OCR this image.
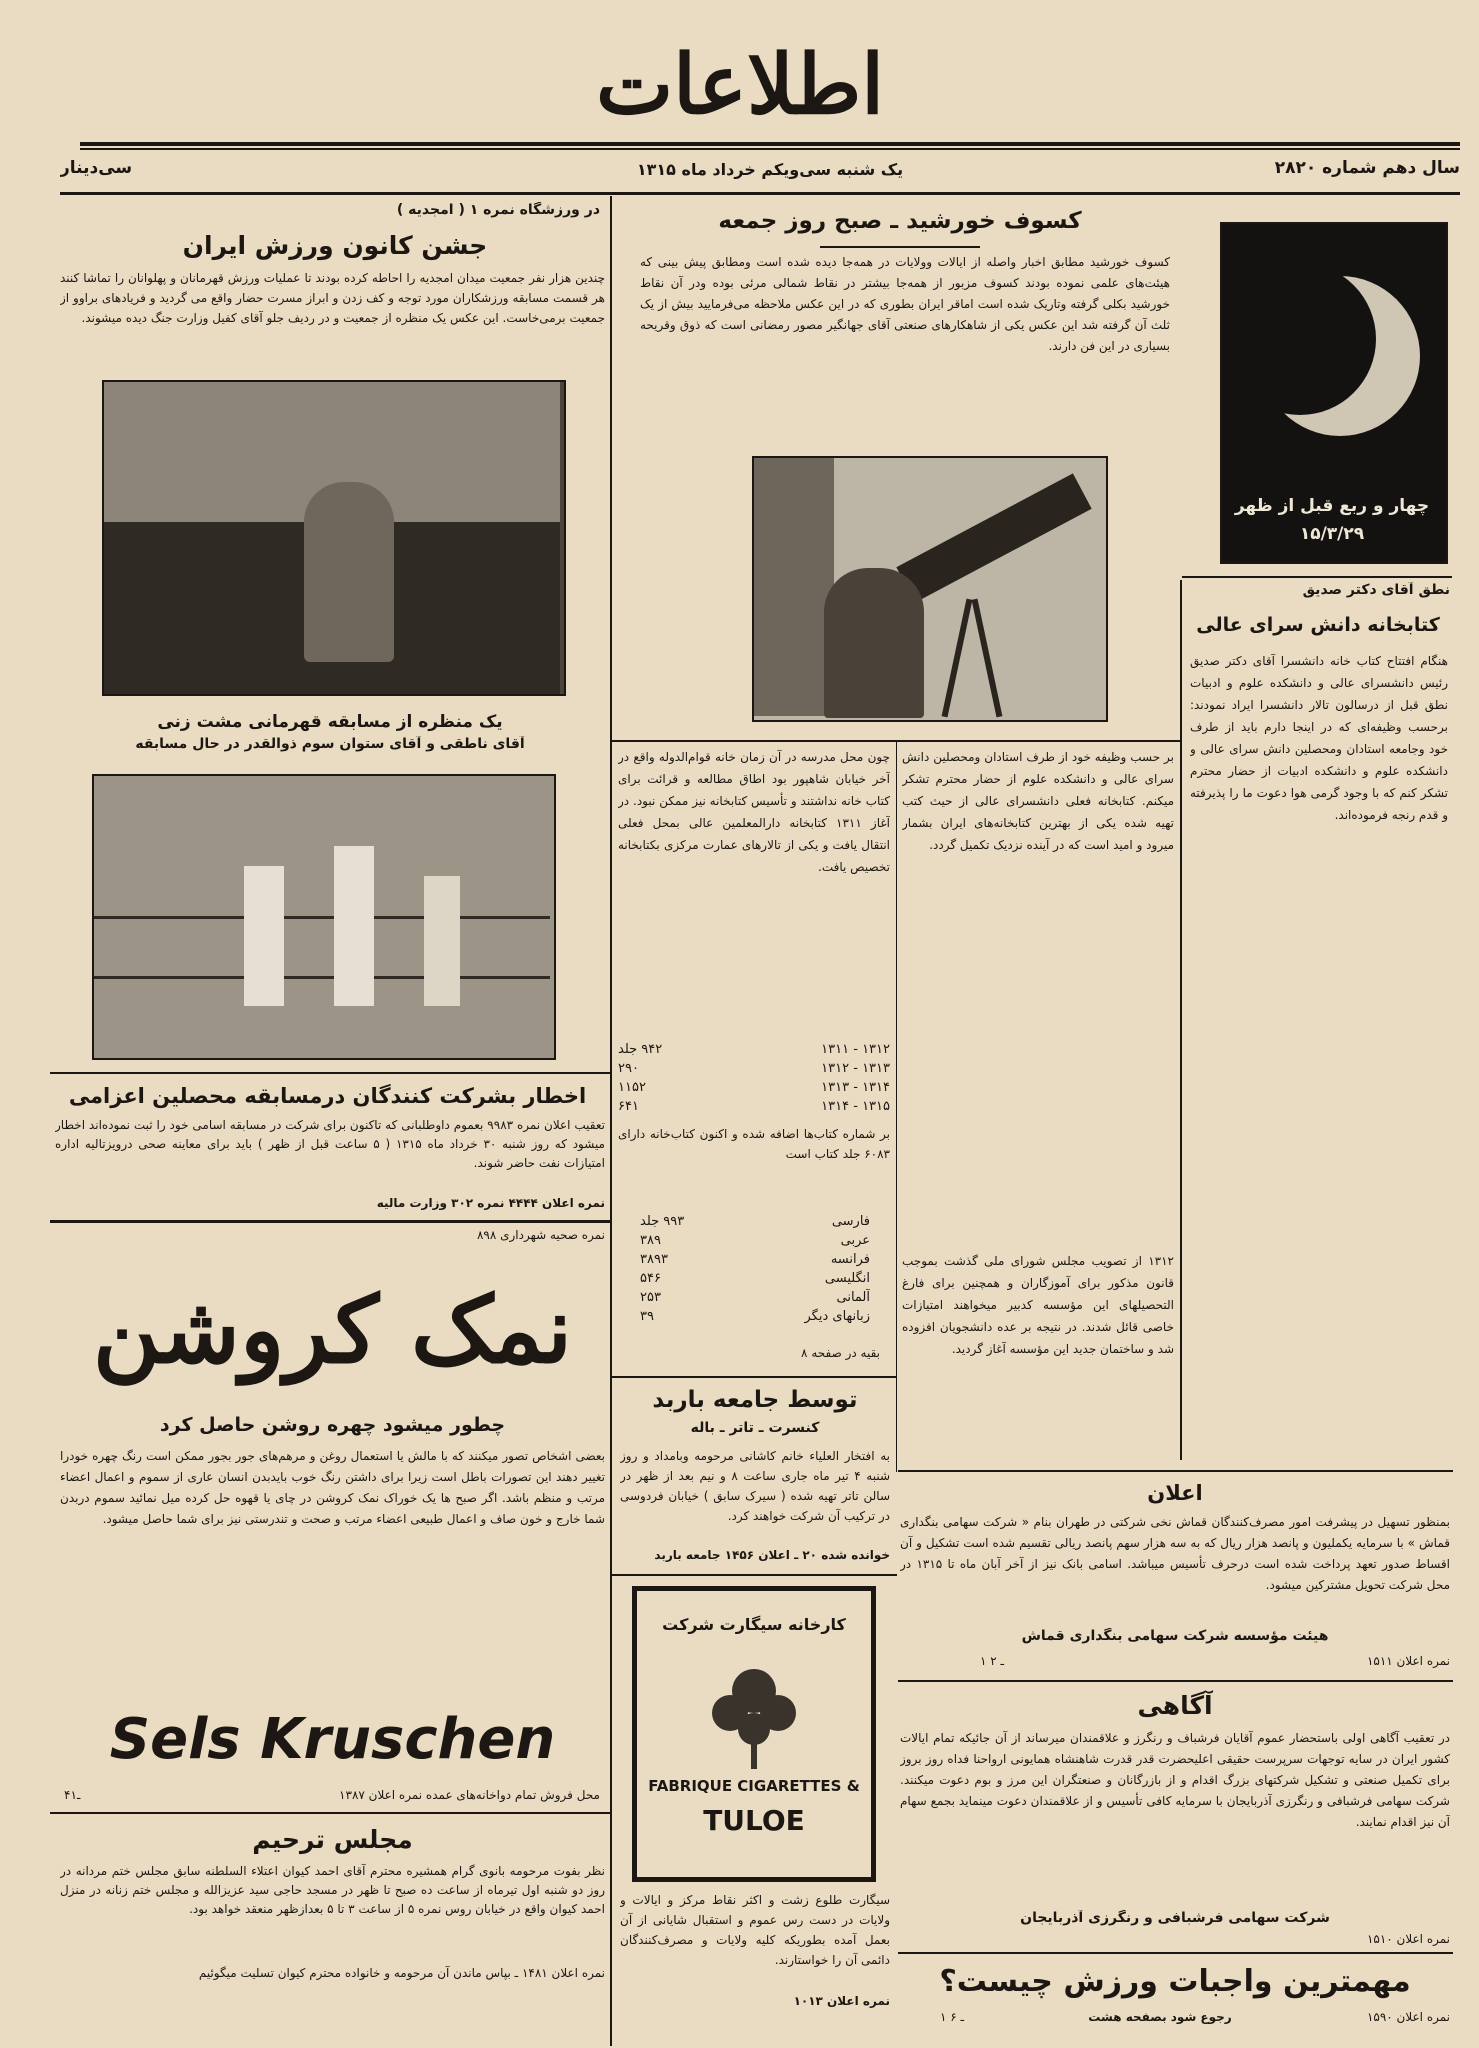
اطلاعات
سال دهم شماره ۲۸۲۰
یک شنبه سی‌و‌یکم خرداد ماه ۱۳۱۵
سی‌دینار
در ورزشگاه نمره ۱ ( امجدیه )
جشن کانون ورزش ایران
چندین هزار نفر جمعیت میدان امجدیه را احاطه کرده بودند تا عملیات ورزش قهرمانان و پهلوانان را تماشا کنند هر قسمت مسابقه ورزشکاران مورد توجه و کف زدن و ابراز مسرت حضار واقع می گردید و فریادهای براوو از جمعیت برمی‌خاست. این عکس یک منظره از جمعیت و در ردیف جلو آقای کفیل وزارت جنگ دیده میشوند.
یک منظره از مسابقه قهرمانی مشت زنی
آقای ناطقی و آقای ستوان سوم ذوالقدر در حال مسابقه
اخطار بشرکت کنندگان درمسابقه محصلین اعزامی
تعقیب اعلان نمره ۹۹۸۳ بعموم داوطلبانی که تاکنون برای شرکت در مسابقه اسامی خود را ثبت نموده‌اند اخطار میشود که روز شنبه ۳۰ خرداد ماه ۱۳۱۵ ( ۵ ساعت قبل از ظهر ) باید برای معاینه صحی درویزتالیه اداره امتیازات نفت حاضر شوند.
نمره اعلان ۴۴۴۴ نمره ۳۰۲ وزارت مالیه
نمره صحیه شهرداری ۸۹۸
نمک کروشن
چطور میشود چهره روشن حاصل کرد
بعضی اشخاص تصور میکنند که با مالش یا استعمال روغن و مرهم‌های جور بجور ممکن است رنگ چهره خودرا تغییر دهند این تصورات باطل است زیرا برای داشتن رنگ خوب بایدبدن انسان عاری از سموم و اعمال اعضاء مرتب و منظم باشد. اگر صبح ها یک خوراک نمک کروشن در چای یا قهوه حل کرده میل نمائید سموم دربدن شما خارج و خون صاف و اعمال طبیعی اعضاء مرتب و صحت و تندرستی نیز برای شما حاصل میشود.
Sels Kruschen
محل فروش تمام دواخانه‌های عمده نمره اعلان ۱۳۸۷
۴ـ۱
مجلس ترحیم
نظر بفوت مرحومه بانوی گرام همشیره محترم آقای احمد کیوان اعتلاء السلطنه سابق مجلس ختم مردانه در روز دو شنبه اول تیرماه از ساعت ده صبح تا ظهر در مسجد حاجی سید عزیزالله و مجلس ختم زنانه در منزل احمد کیوان واقع در خیابان روس نمره ۵ از ساعت ۳ تا ۵ بعدازظهر منعقد خواهد بود.
نمره اعلان ۱۴۸۱ ـ بپاس ماندن آن مرحومه و خانواده محترم کیوان تسلیت میگوئیم
کسوف خورشید ـ صبح روز جمعه
کسوف خورشید مطابق اخبار واصله از ایالات وولایات در همه‌جا دیده شده است ومطابق پیش بینی که هیئت‌های علمی نموده بودند کسوف مزبور از همه‌جا بیشتر در نقاط شمالی مرئی بوده ودر آن نقاط خورشید بکلی گرفته وتاریک شده است اماقر ایران بطوری که در این عکس ملاحظه می‌فرمایید بیش از یک ثلث آن گرفته شد این عکس یکی از شاهکارهای صنعتی آقای جهانگیر مصور رمضانی است که ذوق وقریحه بسیاری در این فن دارند.
چهار و ربع قبل از ظهر ۱۵/۳/۲۹
نطق آقای دکتر صدیق
کتابخانه دانش سرای عالی
هنگام افتتاح کتاب خانه دانشسرا آقای دکتر صدیق رئیس دانشسرای عالی و دانشکده علوم و ادبیات نطق قبل از درسالون تالار دانشسرا ایراد نمودند: برحسب وظیفه‌ای که در اینجا دارم باید از طرف خود وجامعه استادان ومحصلین دانش سرای عالی و دانشکده علوم و دانشکده ادبیات از حضار محترم تشکر کنم که با وجود گرمی هوا دعوت ما را پذیرفته و قدم رنجه فرموده‌اند.
بر حسب وظیفه خود از طرف استادان ومحصلین دانش سرای عالی و دانشکده علوم از حضار محترم تشکر میکنم. کتابخانه فعلی دانشسرای عالی از حیث کتب تهیه شده یکی از بهترین کتابخانه‌های ایران بشمار میرود و امید است که در آینده نزدیک تکمیل گردد.
چون محل مدرسه در آن زمان خانه قوام‌الدوله واقع در آخر خیابان شاهپور بود اطاق مطالعه و قرائت برای کتاب خانه نداشتند و تأسیس کتابخانه نیز ممکن نبود. در آغاز ۱۳۱۱ کتابخانه دارالمعلمین عالی بمحل فعلی انتقال یافت و یکی از تالارهای عمارت مرکزی بکتابخانه تخصیص یافت.
۱۳۱۲ - ۱۳۱۱
۹۴۲ جلد
۱۳۱۳ - ۱۳۱۲
۲۹۰
۱۳۱۴ - ۱۳۱۳
۱۱۵۲
۱۳۱۵ - ۱۳۱۴
۶۴۱
بر شماره کتاب‌ها اضافه شده و اکنون کتاب‌خانه دارای ۶۰۸۳ جلد کتاب است
فارسی
۹۹۳ جلد
عربی
۳۸۹
فرانسه
۳۸۹۳
انگلیسی
۵۴۶
آلمانی
۲۵۳
زبانهای دیگر
۳۹
بقیه در صفحه ۸
۱۳۱۲ از تصویب مجلس شورای ملی گذشت بموجب قانون مذکور برای آموزگاران و همچنین برای فارغ التحصیلهای این مؤسسه کدبیر میخواهند امتیازات خاصی قائل شدند. در نتیجه بر عده دانشجویان افزوده شد و ساختمان جدید این مؤسسه آغاز گردید.
توسط جامعه باربد
کنسرت ـ تاتر ـ باله
به افتخار العلیاء خانم کاشانی مرحومه وبامداد و روز شنبه ۴ تیر ماه جاری ساعت ۸ و نیم بعد از ظهر در سالن تاتر تهیه شده ( سیرک سابق ) خیابان فردوسی در ترکیب آن شرکت خواهند کرد.
خوانده شده ۲۰ ـ اعلان ۱۴۵۶ جامعه باربد
کارخانه سیگارت شرکت
FABRIQUE CIGARETTES &
TULOE
سیگارت طلوع زشت و اکثر نقاط مرکز و ایالات و ولایات در دست رس عموم و استقبال شایانی از آن بعمل آمده بطوریکه کلیه ولایات و مصرف‌کنندگان دائمی آن را خواستارند.
نمره اعلان ۱۰۱۳
اعلان
بمنظور تسهیل در پیشرفت امور مصرف‌کنندگان قماش نخی شرکتی در طهران بنام « شرکت سهامی بنگداری قماش » با سرمایه یکملیون و پانصد هزار ریال که به سه هزار سهم پانصد ریالی تقسیم شده است تشکیل و آن اقساط صدور تعهد پرداخت شده است درحرف تأسیس میباشد. اسامی بانک نیز از آخر آبان ماه تا ۱۳۱۵ در محل شرکت تحویل مشترکین میشود.
هیئت مؤسسه شرکت سهامی بنگداری قماش
نمره اعلان ۱۵۱۱
۱ ـ ۲
آگاهی
در تعقیب آگاهی اولی باستحضار عموم آقایان فرشباف و رنگرز و علاقمندان میرساند از آن جائیکه تمام ایالات کشور ایران در سایه توجهات سرپرست حقیقی اعلیحضرت قدر قدرت شاهنشاه همایونی ارواحنا فداه روز بروز برای تکمیل صنعتی و تشکیل شرکتهای بزرگ اقدام و از بازرگانان و صنعتگران این مرز و بوم دعوت میکنند. شرکت سهامی فرشبافی و رنگرزی آذربایجان با سرمایه کافی تأسیس و از علاقمندان دعوت مینماید بجمع سهام آن نیز اقدام نمایند.
شرکت سهامی فرشبافی و رنگرزی آذربایجان
نمره اعلان ۱۵۱۰
مهمترین واجبات ورزش چیست؟
نمره اعلان ۱۵۹۰
رجوع شود بصفحه هشت
۱ ـ ۶
